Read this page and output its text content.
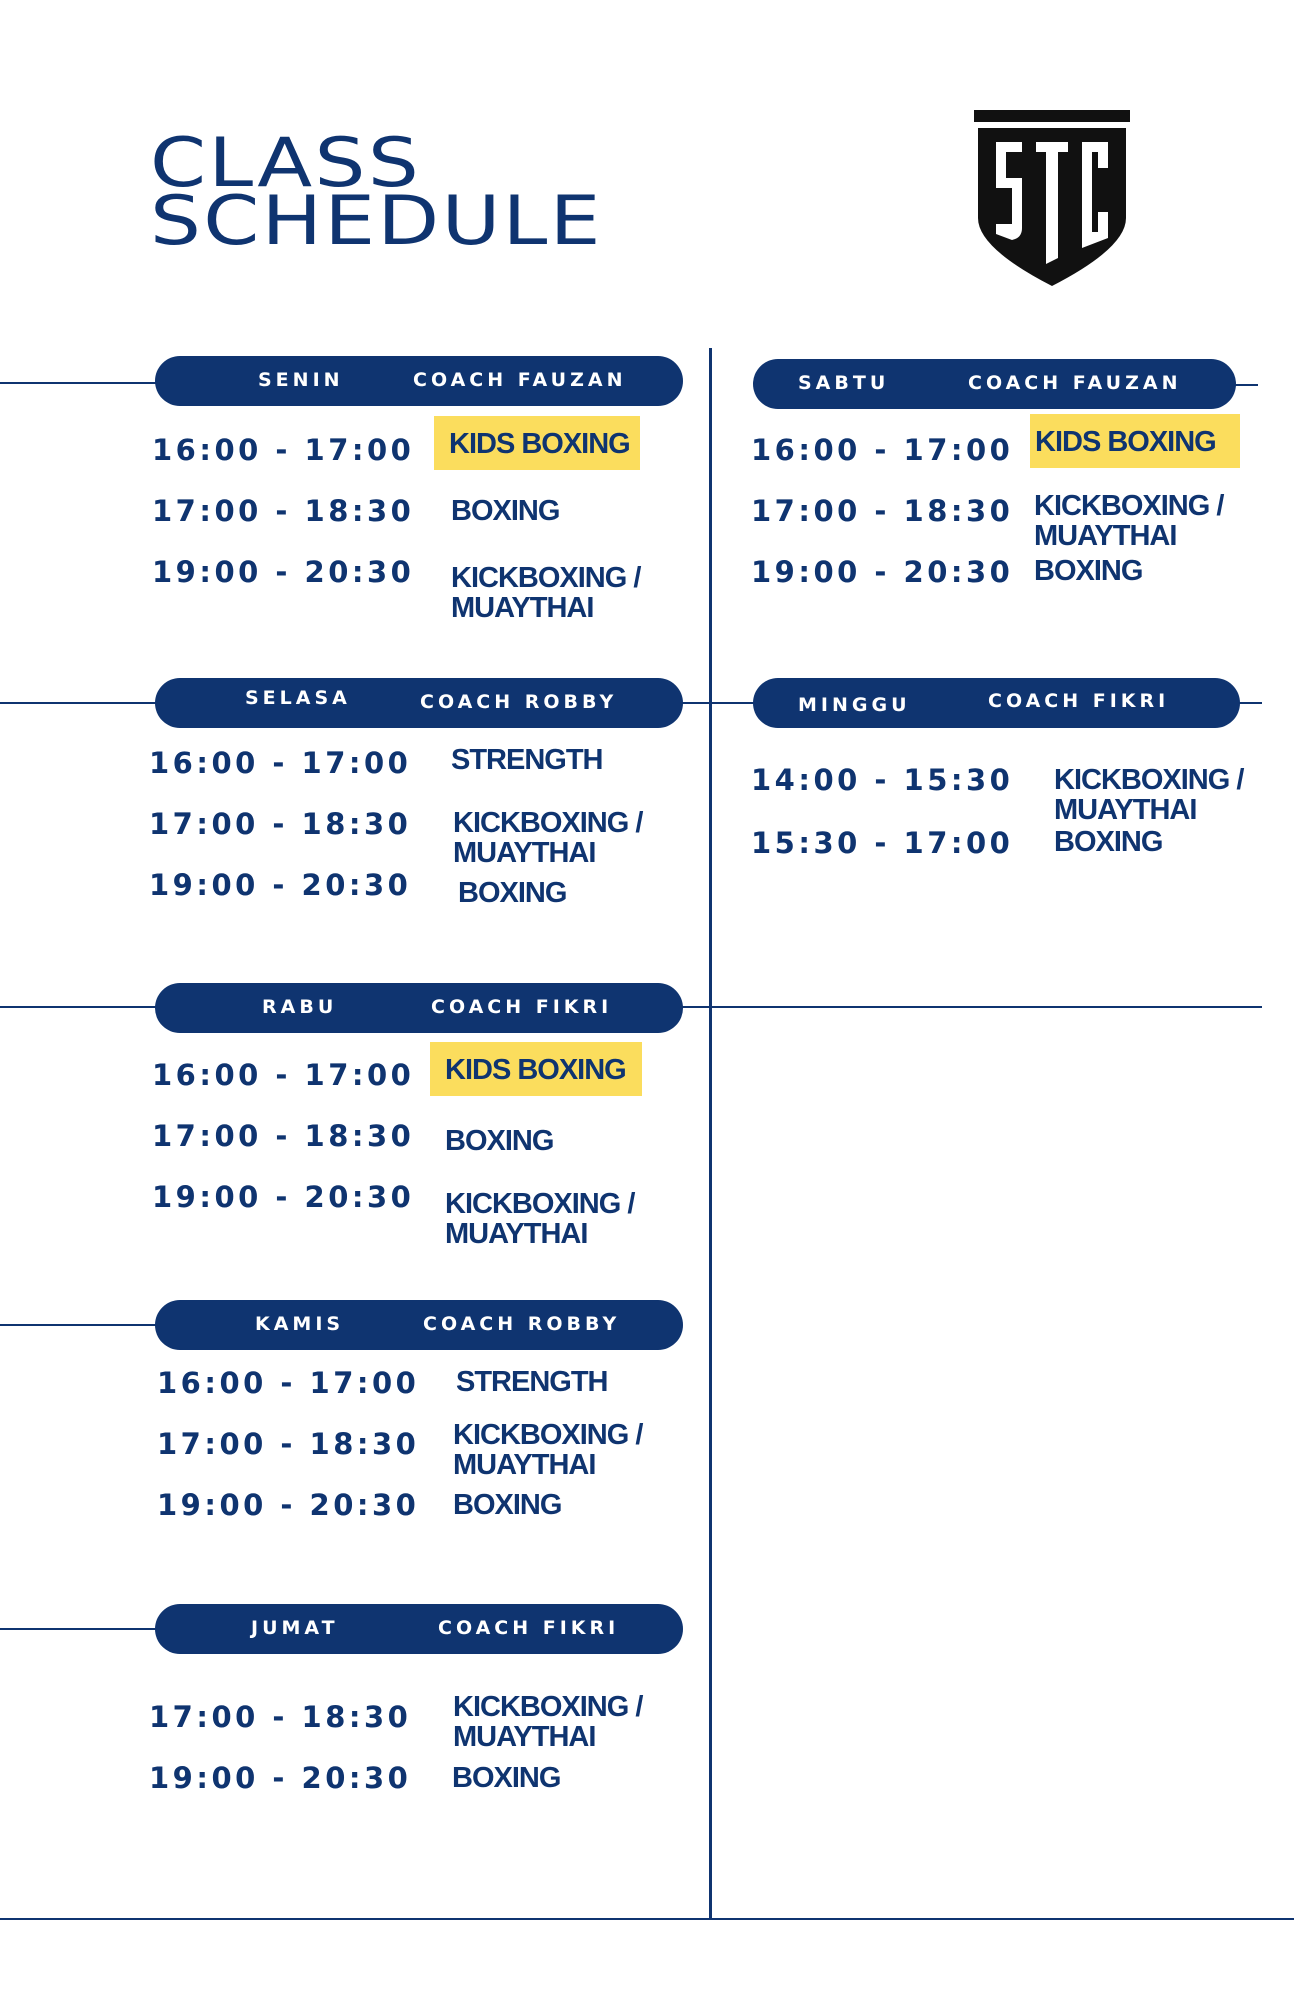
CLASS
SCHEDULE
SENIN	COACH FAUZAN
16:00 - 17:00	KIDS BOXING
17:00 - 18:30 BOXING
19:00 - 20:30 KICKBOXING /
MUAYTHAI
SELASA	COACH ROBBY
16:00 - 17:00 STRENGTH
17:00 - 18:30 KICKBOXING /
MUAYTHAI
19:00 - 20:30 BOXING
RABU	COACH FIKRI
16:00 - 17:00	KIDS BOXING
17:00 - 18:30 BOXING
19:00 - 20:30 KICKBOXING /
MUAYTHAI
KAMIS	COACH ROBBY
16:00 - 17:00 STRENGTH
17:00 - 18:30 KICKBOXING /
MUAYTHAI
19:00 - 20:30 BOXING
JUMAT	COACH FIKRI
17:00 - 18:30 KICKBOXING /
MUAYTHAI
19:00 - 20:30 BOXING
SABTU	COACH FAUZAN
16:00 - 17:00 KIDS BOXING
17:00 - 18:30 KICKBOXING /
MUAYTHAI
19:00 - 20:30 BOXING
MINGGU	COACH FIKRI
14:00 - 15:30 KICKBOXING /
MUAYTHAI
15:30 - 17:00 BOXING
